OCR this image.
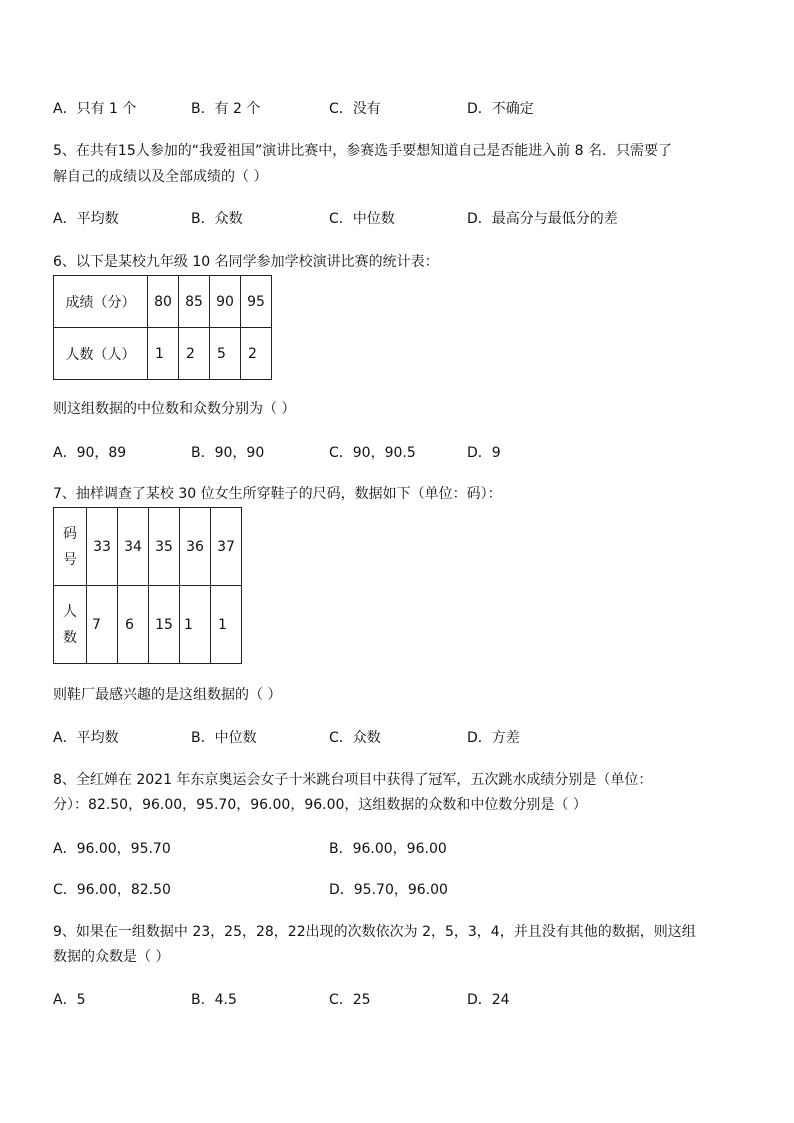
A．只有 1 个	B．有 2 个	C．没有	D．不确定
5、在共有15人参加的“我爱祖国”演讲比赛中，参赛选手要想知道自己是否能进入前 8 名．只需要了
解自己的成绩以及全部成绩的（ ）
A．平均数	B．众数	C．中位数	D．最高分与最低分的差
6、以下是某校九年级 10 名同学参加学校演讲比赛的统计表：
成绩（分）	80	85	90	95
人数（人）	1	2	5	2
则这组数据的中位数和众数分别为（ ）
A．90，89	B．90，90	C．90，90.5	D．9
7、抽样调查了某校 30 位女生所穿鞋子的尺码，数据如下（单位：码）：
码
号	33	34	35	36	37

人
数	7	6	15	1	1
则鞋厂最感兴趣的是这组数据的（ ）
A．平均数	B．中位数	C．众数	D．方差
8、全红婵在 2021 年东京奥运会女子十米跳台项目中获得了冠军，五次跳水成绩分别是（单位：
分）：82.50，96.00，95.70，96.00，96.00，这组数据的众数和中位数分别是（ ）
A．96.00，95.70	B．96.00，96.00
C．96.00，82.50	D．95.70，96.00
9、如果在一组数据中 23，25，28，22出现的次数依次为 2，5，3，4，并且没有其他的数据，则这组
数据的众数是（ ）
A．5	B．4.5	C．25	D．24
